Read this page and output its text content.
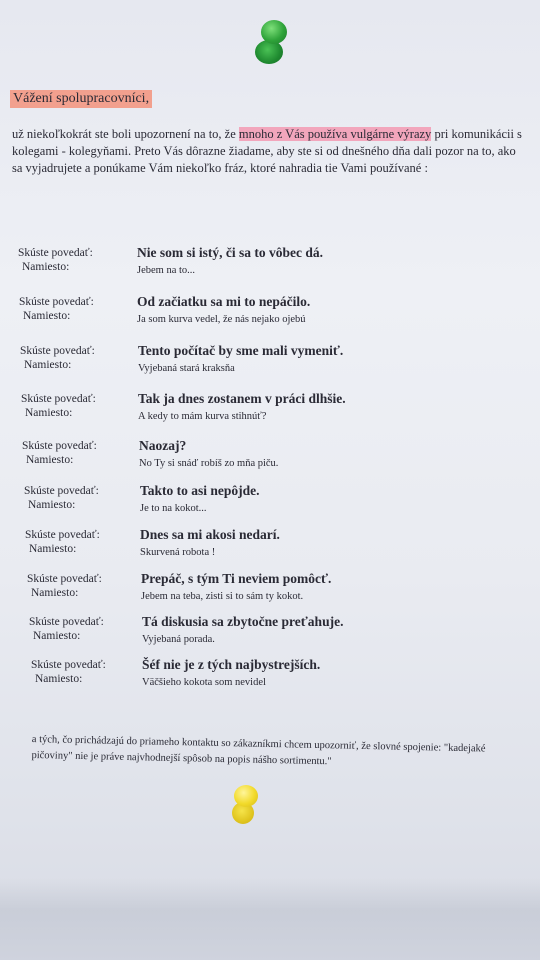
Vážení spolupracovníci,
už niekoľkokrát ste boli upozornení na to, že mnoho z Vás používa vulgárne výrazy pri komunikácii s kolegami - kolegyňami. Preto Vás dôrazne žiadame, aby ste si od dnešného dňa dali pozor na to, ako sa vyjadrujete a ponúkame Vám niekoľko fráz, ktoré nahradia tie Vami používané :
Skúste povedať:
Namiesto:
Nie som si istý, či sa to vôbec dá.
Jebem na to...
Skúste povedať:
Namiesto:
Od začiatku sa mi to nepáčilo.
Ja som kurva vedel, že nás nejako ojebú
Skúste povedať:
Namiesto:
Tento počítač by sme mali vymeniť.
Vyjebaná stará kraksňa
Skúste povedať:
Namiesto:
Tak ja dnes zostanem v práci dlhšie.
A kedy to mám kurva stihnúť?
Skúste povedať:
Namiesto:
Naozaj?
No Ty si snáď robíš zo mňa piču.
Skúste povedať:
Namiesto:
Takto to asi nepôjde.
Je to na kokot...
Skúste povedať:
Namiesto:
Dnes sa mi akosi nedarí.
Skurvená robota !
Skúste povedať:
Namiesto:
Prepáč, s tým Ti neviem pomôcť.
Jebem na teba, zisti si to sám ty kokot.
Skúste povedať:
Namiesto:
Tá diskusia sa zbytočne preťahuje.
Vyjebaná porada.
Skúste povedať:
Namiesto:
Šéf nie je z tých najbystrejších.
Väčšieho kokota som nevidel
a tých, čo prichádzajú do priameho kontaktu so zákazníkmi chcem upozorniť, že slovné spojenie: "kadejaké pičoviny" nie je práve najvhodnejší spôsob na popis nášho sortimentu."
